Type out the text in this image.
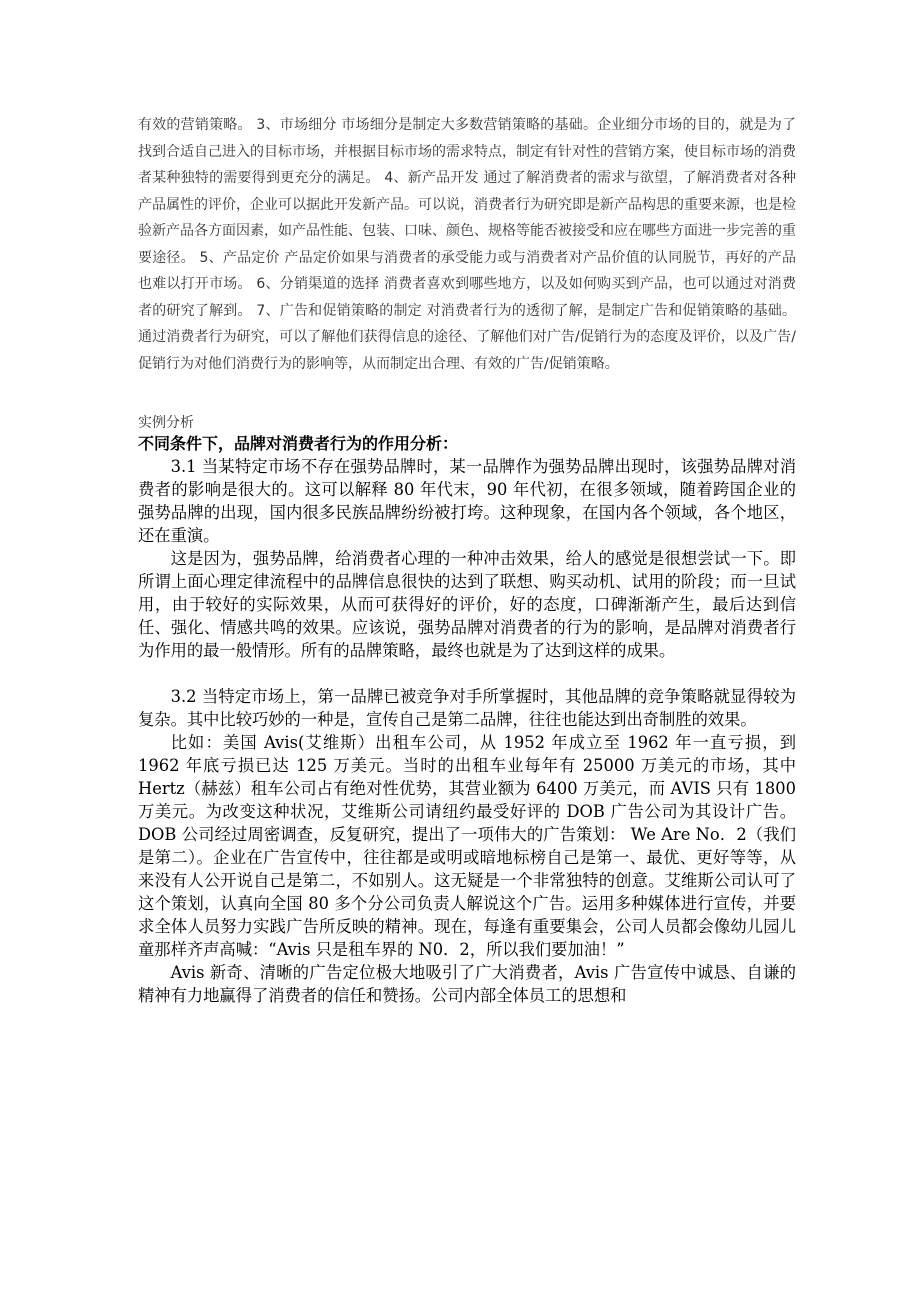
有效的营销策略。 3、市场细分 市场细分是制定大多数营销策略的基础。企业细分市场的目的，就是为了找到合适自己进入的目标市场，并根据目标市场的需求特点，制定有针对性的营销方案，使目标市场的消费者某种独特的需要得到更充分的满足。 4、新产品开发 通过了解消费者的需求与欲望，了解消费者对各种产品属性的评价，企业可以据此开发新产品。可以说，消费者行为研究即是新产品构思的重要来源，也是检验新产品各方面因素，如产品性能、包装、口味、颜色、规格等能否被接受和应在哪些方面进一步完善的重要途径。 5、产品定价 产品定价如果与消费者的承受能力或与消费者对产品价值的认同脱节，再好的产品也难以打开市场。 6、分销渠道的选择 消费者喜欢到哪些地方，以及如何购买到产品，也可以通过对消费者的研究了解到。 7、广告和促销策略的制定 对消费者行为的透彻了解，是制定广告和促销策略的基础。通过消费者行为研究，可以了解他们获得信息的途径、了解他们对广告/促销行为的态度及评价，以及广告/促销行为对他们消费行为的影响等，从而制定出合理、有效的广告/促销策略。

实例分析
不同条件下，品牌对消费者行为的作用分析：

3.1 当某特定市场不存在强势品牌时，某一品牌作为强势品牌出现时，该强势品牌对消费者的影响是很大的。这可以解释 80 年代末，90 年代初，在很多领域，随着跨国企业的强势品牌的出现，国内很多民族品牌纷纷被打垮。这种现象，在国内各个领域，各个地区，还在重演。

这是因为，强势品牌，给消费者心理的一种冲击效果，给人的感觉是很想尝试一下。即所谓上面心理定律流程中的品牌信息很快的达到了联想、购买动机、试用的阶段；而一旦试用，由于较好的实际效果，从而可获得好的评价，好的态度，口碑渐渐产生，最后达到信任、强化、情感共鸣的效果。应该说，强势品牌对消费者的行为的影响，是品牌对消费者行为作用的最一般情形。所有的品牌策略，最终也就是为了达到这样的成果。

3.2 当特定市场上，第一品牌已被竞争对手所掌握时，其他品牌的竞争策略就显得较为复杂。其中比较巧妙的一种是，宣传自己是第二品牌，往往也能达到出奇制胜的效果。

比如：美国 Avis(艾维斯）出租车公司，从 1952 年成立至 1962 年一直亏损，到 1962 年底亏损已达 125 万美元。当时的出租车业每年有 25000 万美元的市场，其中 Hertz（赫兹）租车公司占有绝对性优势，其营业额为 6400 万美元，而 AVIS 只有 1800 万美元。为改变这种状况，艾维斯公司请纽约最受好评的 DOB 广告公司为其设计广告。DOB 公司经过周密调查，反复研究，提出了一项伟大的广告策划： We Are No．2（我们是第二）。企业在广告宣传中，往往都是或明或暗地标榜自己是第一、最优、更好等等，从来没有人公开说自己是第二，不如别人。这无疑是一个非常独特的创意。艾维斯公司认可了这个策划，认真向全国 80 多个分公司负责人解说这个广告。运用多种媒体进行宣传，并要求全体人员努力实践广告所反映的精神。现在，每逢有重要集会，公司人员都会像幼儿园儿童那样齐声高喊：“Avis 只是租车界的 N0．2，所以我们要加油！”

Avis 新奇、清晰的广告定位极大地吸引了广大消费者，Avis 广告宣传中诚恳、自谦的精神有力地赢得了消费者的信任和赞扬。公司内部全体员工的思想和
